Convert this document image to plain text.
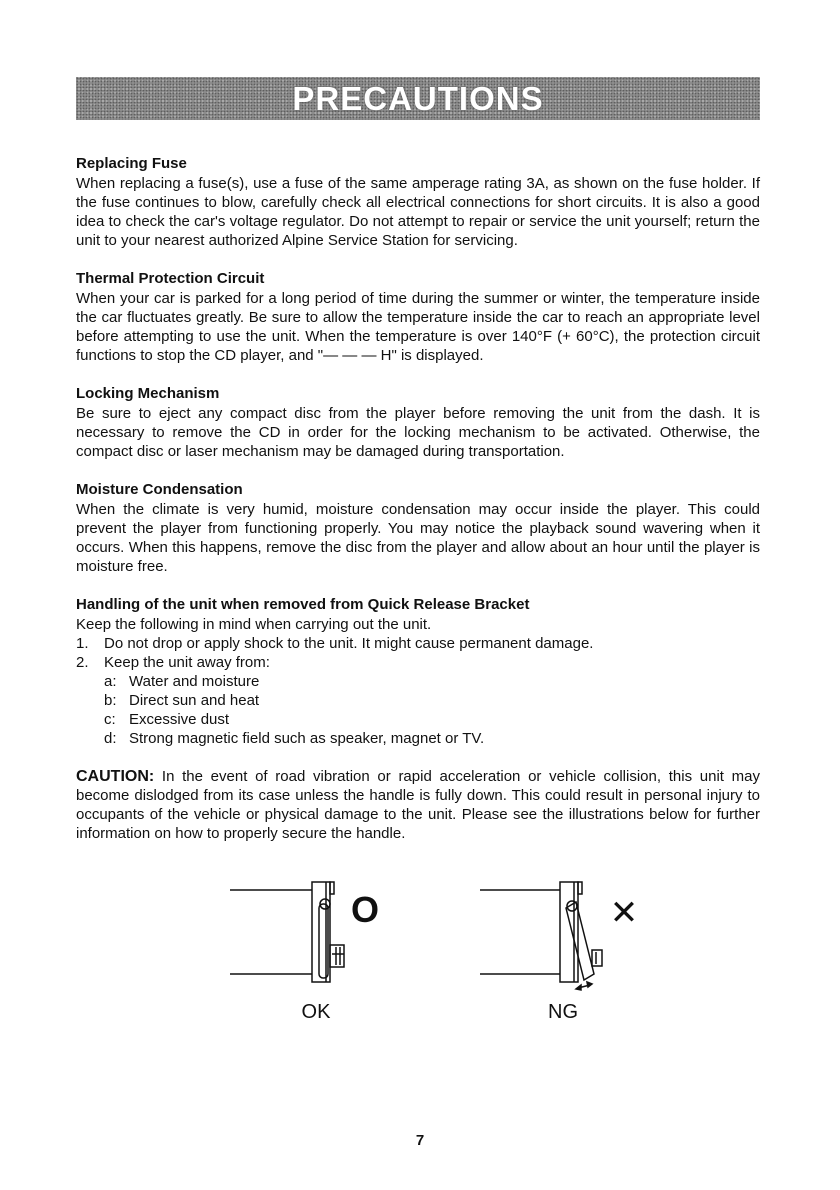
PRECAUTIONS
Replacing Fuse
When replacing a fuse(s), use a fuse of the same amperage rating 3A, as shown on the fuse holder. If the fuse continues to blow, carefully check all electrical connections for short circuits. It is also a good idea to check the car's voltage regulator. Do not attempt to repair or service the unit yourself; return the unit to your nearest authorized Alpine Service Station for servicing.
Thermal Protection Circuit
When your car is parked for a long period of time during the summer or winter, the temperature inside the car fluctuates greatly. Be sure to allow the temperature inside the car to reach an appropriate level before attempting to use the unit. When the temperature is over 140°F (+ 60°C), the protection circuit functions to stop the CD player, and "— — — H" is displayed.
Locking Mechanism
Be sure to eject any compact disc from the player before removing the unit from the dash. It is necessary to remove the CD in order for the locking mechanism to be activated. Otherwise, the compact disc or laser mechanism may be damaged during transportation.
Moisture Condensation
When the climate is very humid, moisture condensation may occur inside the player. This could prevent the player from functioning properly. You may notice the playback sound wavering when it occurs. When this happens, remove the disc from the player and allow about an hour until the player is moisture free.
Handling of the unit when removed from Quick Release Bracket
Keep the following in mind when carrying out the unit.
1.	Do not drop or apply shock to the unit. It might cause permanent damage.
2.	Keep the unit away from:
a: Water and moisture
b: Direct sun and heat
c: Excessive dust
d: Strong magnetic field such as speaker, magnet or TV.
CAUTION: In the event of road vibration or rapid acceleration or vehicle collision, this unit may become dislodged from its case unless the handle is fully down. This could result in personal injury to occupants of the vehicle or physical damage to the unit. Please see the illustrations below for further information on how to properly secure the handle.
O	✕
OK	NG
7
